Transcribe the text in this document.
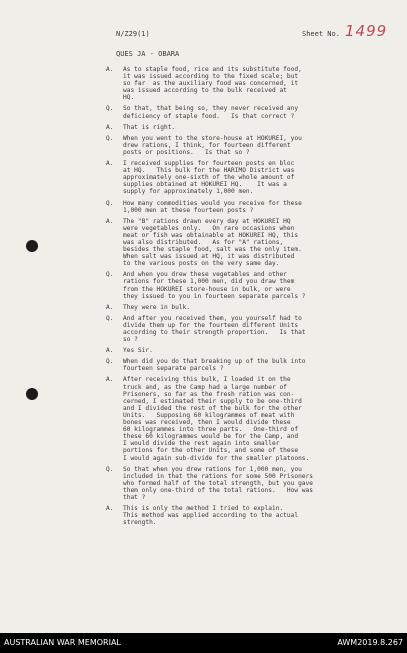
N/Z29(1)	Sheet No. 1499
QUES JA - OBARA
A. As to staple food, rice and its substitute food,
it was issued according to the fixed scale; but
so far  as the auxiliary food was concerned, it
was issued according to the bulk received at
HQ.

Q. So that, that being so, they never received any
deficiency of staple food.   Is that correct ?

A. That is right.

Q. When you went to the store-house at HOKUREI, you
drew rations, I think, for fourteen different
posts or positions.   Is that so ?

A. I received supplies for fourteen posts en bloc
at HQ.   This bulk for the HARIMO District was
approximately one-sixth of the whole amount of
supplies obtained at HOKUREI HQ.    It was a
supply for approximately 1,000 men.

Q. How many commodities would you receive for these
1,000 men at these fourteen posts ?

A. The "B" rations drawn every day at HOKUREI HQ
were vegetables only.   On rare occasions when
meat or fish was obtainable at HOKUREI HQ, this
was also distributed.   As for "A" rations,
besides the staple food, salt was the only item.
When salt was issued at HQ, it was distributed
to the various posts on the very same day.

Q. And when you drew these vegetables and other
rations for these 1,000 men, did you draw them
from the HOKUREI store-house in bulk, or were
they issued to you in fourteen separate parcels ?

A. They were in bulk.

Q. And after you received them, you yourself had to
divide them up for the fourteen different Units
according to their strength proportion.   Is that
so ?

A. Yes Sir.

Q. When did you do that breaking up of the bulk into
fourteen separate parcels ?

A. After receiving this bulk, I loaded it on the
truck and, as the Camp had a large number of
Prisoners, so far as the fresh ration was con-
cerned, I estimated their supply to be one-third
and I divided the rest of the bulk for the other
Units.   Supposing 60 kilogrammes of meat with
bones was received, then I would divide these
60 kilogrammes into three parts.   One-third of
these 60 kilogrammes would be for the Camp, and
I would divide the rest again into smaller
portions for the other Units, and some of these
I would again sub-divide for the smaller platoons.

Q. So that when you drew rations for 1,000 men, you
included in that the rations for some 500 Prisoners
who formed half of the total strength, but you gave
them only one-third of the total rations.   How was
that ?

A. This is only the method I tried to explain.
This method was applied according to the actual
strength.

AUSTRALIAN WAR MEMORIAL	AWM2019.8.267
